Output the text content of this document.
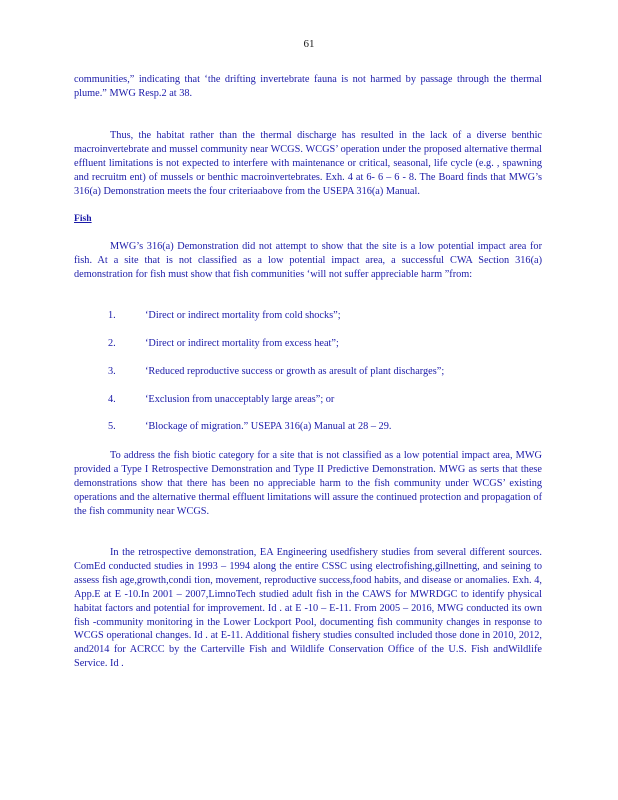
61

communities,” indicating that ‘the drifting invertebrate fauna is not harmed by passage through the thermal plume.” MWG Resp.2 at 38.

Thus, the habitat rather than the thermal discharge has resulted in the lack of a diverse benthic macroinvertebrate and mussel community near WCGS. WCGS’ operation under the proposed alternative thermal effluent limitations is not expected to interfere with maintenance or critical, seasonal, life cycle (e.g. , spawning and recruitm ent) of mussels or benthic macroinvertebrates. Exh. 4 at 6- 6 – 6 - 8. The Board finds that MWG’s 316(a) Demonstration meets the four criteriaabove from the USEPA 316(a) Manual.

Fish

MWG’s 316(a) Demonstration did not attempt to show that the site is a low potential impact area for fish. At a site that is not classified as a low potential impact area, a successful CWA Section 316(a) demonstration for fish must show that fish communities ‘will not suffer appreciable harm ”from:

1.	‘Direct or indirect mortality from cold shocks”;
2.	‘Direct or indirect mortality from excess heat”;
3.	‘Reduced reproductive success or growth as aresult of plant discharges”;
4.	‘Exclusion from unacceptably large areas”; or
5.	‘Blockage of migration.” USEPA 316(a) Manual at 28 – 29.

To address the fish biotic category for a site that is not classified as a low potential impact area, MWG provided a Type I Retrospective Demonstration and Type II Predictive Demonstration. MWG as serts that these demonstrations show that there has been no appreciable harm to the fish community under WCGS’ existing operations and the alternative thermal effluent limitations will assure the continued protection and propagation of the fish community near WCGS.

In the retrospective demonstration, EA Engineering usedfishery studies from several different sources. ComEd conducted studies in 1993 – 1994 along the entire CSSC using electrofishing,gillnetting, and seining to assess fish age,growth,condi tion, movement, reproductive success,food habits, and disease or anomalies. Exh. 4, App.E at E -10.In 2001 – 2007,LimnoTech studied adult fish in the CAWS for MWRDGC to identify physical habitat factors and potential for improvement. Id . at E -10 – E-11. From 2005 – 2016, MWG conducted its own fish -community monitoring in the Lower Lockport Pool, documenting fish community changes in response to WCGS operational changes. Id . at E-11. Additional fishery studies consulted included those done in 2010, 2012, and2014 for ACRCC by the Carterville Fish and Wildlife Conservation Office of the U.S. Fish andWildlife Service. Id .
